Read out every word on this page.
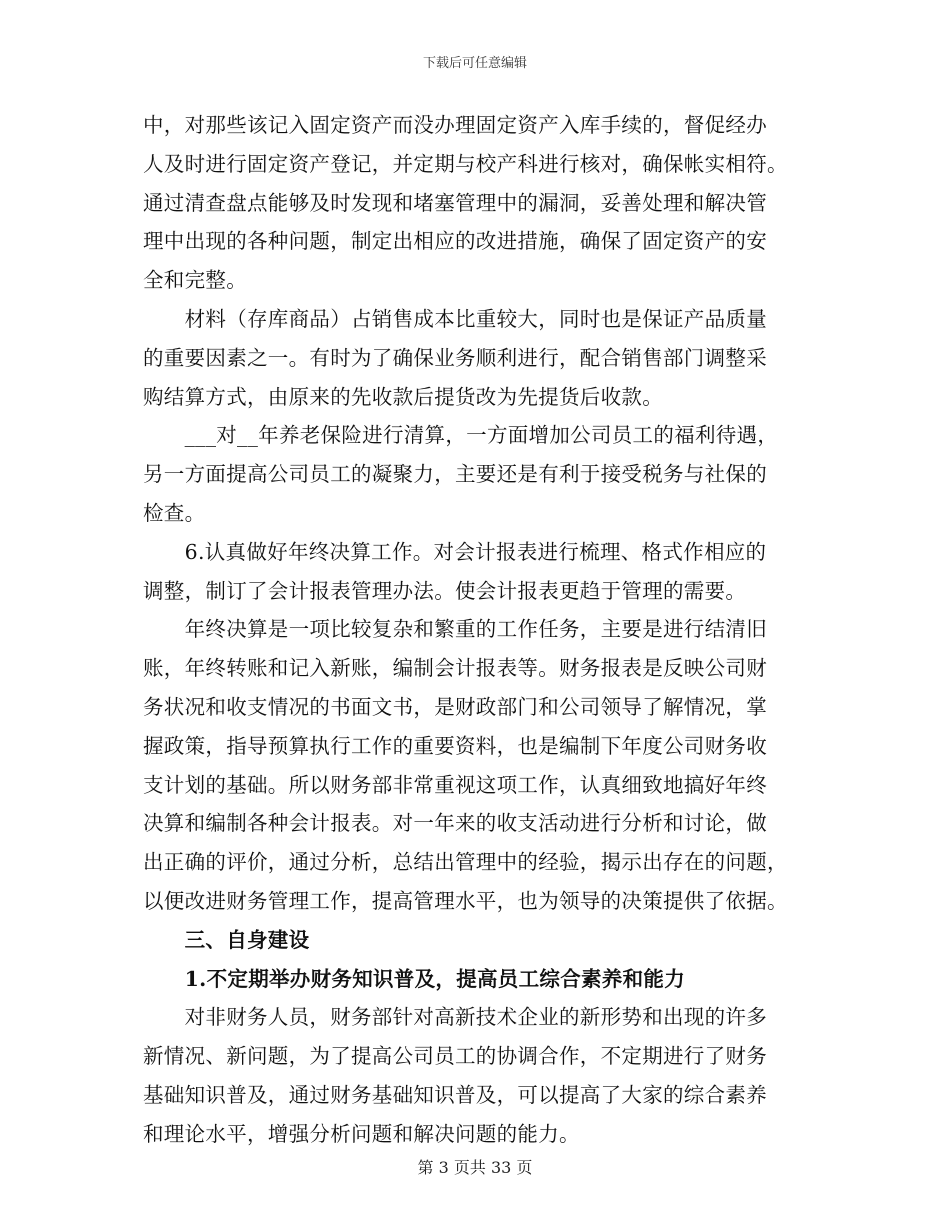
下载后可任意编辑

中，对那些该记入固定资产而没办理固定资产入库手续的，督促经办
人及时进行固定资产登记，并定期与校产科进行核对，确保帐实相符。
通过清查盘点能够及时发现和堵塞管理中的漏洞，妥善处理和解决管
理中出现的各种问题，制定出相应的改进措施，确保了固定资产的安
全和完整。

　　材料（存库商品）占销售成本比重较大，同时也是保证产品质量
的重要因素之一。有时为了确保业务顺利进行，配合销售部门调整采
购结算方式，由原来的先收款后提货改为先提货后收款。

　　___对__年养老保险进行清算，一方面增加公司员工的福利待遇，
另一方面提高公司员工的凝聚力，主要还是有利于接受税务与社保的
检查。

　　6.认真做好年终决算工作。对会计报表进行梳理、格式作相应的
调整，制订了会计报表管理办法。使会计报表更趋于管理的需要。

　　年终决算是一项比较复杂和繁重的工作任务，主要是进行结清旧
账，年终转账和记入新账，编制会计报表等。财务报表是反映公司财
务状况和收支情况的书面文书，是财政部门和公司领导了解情况，掌
握政策，指导预算执行工作的重要资料，也是编制下年度公司财务收
支计划的基础。所以财务部非常重视这项工作，认真细致地搞好年终
决算和编制各种会计报表。对一年来的收支活动进行分析和讨论，做
出正确的评价，通过分析，总结出管理中的经验，揭示出存在的问题，
以便改进财务管理工作，提高管理水平，也为领导的决策提供了依据。

　　三、自身建设

　　1.不定期举办财务知识普及，提高员工综合素养和能力

　　对非财务人员，财务部针对高新技术企业的新形势和出现的许多
新情况、新问题，为了提高公司员工的协调合作，不定期进行了财务
基础知识普及，通过财务基础知识普及，可以提高了大家的综合素养
和理论水平，增强分析问题和解决问题的能力。

第 3 页共 33 页
